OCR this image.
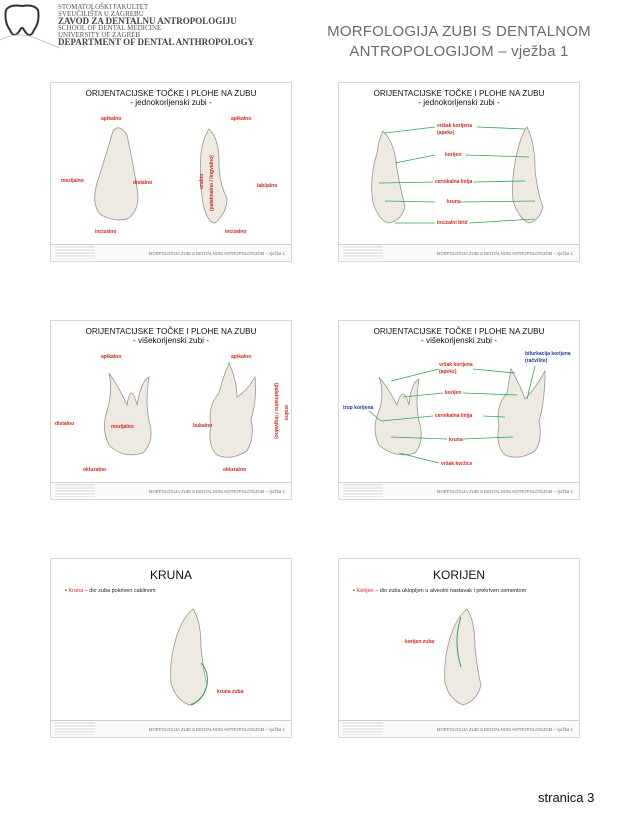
STOMATOLOŠKI FAKULTET
SVEUČILIŠTA U ZAGREBU
ZAVOD ZA DENTALNU ANTROPOLOGIJU
SCHOOL OF DENTAL MEDICINE
UNIVERSITY OF ZAGREB
DEPARTMENT OF DENTAL ANTHROPOLOGY
MORFOLOGIJA ZUBI S DENTALNOM
ANTROPOLOGIJOM – vježba 1
ORIJENTACIJSKE TOČKE I PLOHE NA ZUBU
- jednokorijenski zubi -
apikalno	apikalno
mezijalno	distalno	oralno (palatinalno / lingvalno)	labijalno
incizalno	incizalno
MORFOLOGIJA ZUBI S DENTALNOM ANTROPOLOGIJOM – vježba 1
ORIJENTACIJSKE TOČKE I PLOHE NA ZUBU
- jednokorijenski zubi -
vrišak korijena
(apeks)
korijen
cervikalna linija
kruna
incizalni brid
MORFOLOGIJA ZUBI S DENTALNOM ANTROPOLOGIJOM – vježba 1
ORIJENTACIJSKE TOČKE I PLOHE NA ZUBU
- višekorijenski zubi -
apikalno	apikalno
distalno	mezijalno	bukalno
oralno
(palatinalno / lingvalno)
okluzalno	okluzalno
MORFOLOGIJA ZUBI S DENTALNOM ANTROPOLOGIJOM – vježba 1
ORIJENTACIJSKE TOČKE I PLOHE NA ZUBU
- višekorijenski zubi -
bifurkacija korijena
(račvište)
vršak korijena
(apeks)
korijen
trup korijena
cervikalna linija
kruna
vršak kvržice
MORFOLOGIJA ZUBI S DENTALNOM ANTROPOLOGIJOM – vježba 1
KRUNA
• Kruna – dio zuba pokriven caklinom
kruna zuba
MORFOLOGIJA ZUBI S DENTALNOM ANTROPOLOGIJOM – vježba 1
KORIJEN
• Korijen – dio zuba uklopljen u alveolni nastavak i prekriven cementom
korijen zuba
MORFOLOGIJA ZUBI S DENTALNOM ANTROPOLOGIJOM – vježba 1
stranica 3
